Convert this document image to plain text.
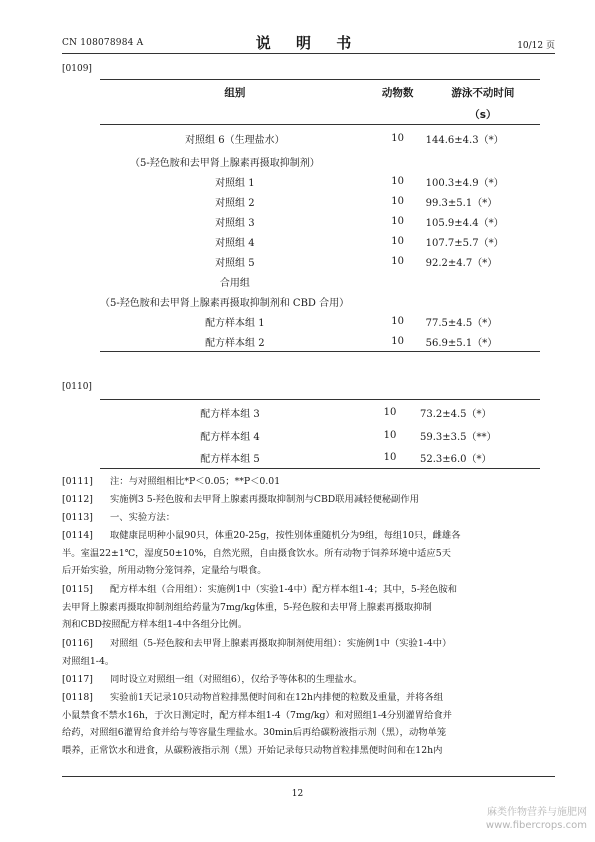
CN 108078984 A	说 明 书	10/12 页
[0109]
组别	动物数	游泳不动时间
		（s）
对照组 6（生理盐水）	10	144.6±4.3（*）
（5-羟色胺和去甲肾上腺素再摄取抑制剂）		
对照组 1	10	100.3±4.9（*）
对照组 2	10	99.3±5.1（*）
对照组 3	10	105.9±4.4（*）
对照组 4	10	107.7±5.7（*）
对照组 5	10	92.2±4.7（*）
合用组		
（5-羟色胺和去甲肾上腺素再摄取抑制剂和 CBD 合用）		
配方样本组 1	10	77.5±4.5（*）
配方样本组 2	10	56.9±5.1（*）
[0110]
配方样本组 3	10	73.2±4.5（*）
配方样本组 4	10	59.3±3.5（**）
配方样本组 5	10	52.3±6.0（*）
[0111] 注：与对照组相比*P＜0.05；**P＜0.01
[0112] 实施例3 5-羟色胺和去甲肾上腺素再摄取抑制剂与CBD联用减轻便秘副作用
[0113] 一、实验方法：
[0114] 取健康昆明种小鼠90只，体重20-25g，按性别体重随机分为9组，每组10只，雌雄各
半。室温22±1℃，湿度50±10%，自然光照，自由摄食饮水。所有动物于饲养环境中适应5天
后开始实验，所用动物分笼饲养，定量给与喂食。
[0115] 配方样本组（合用组）：实施例1中（实验1-4中）配方样本组1-4；其中，5-羟色胺和
去甲肾上腺素再摄取抑制剂组给药量为7mg/kg体重，5-羟色胺和去甲肾上腺素再摄取抑制
剂和CBD按照配方样本组1-4中各组分比例。
[0116] 对照组（5-羟色胺和去甲肾上腺素再摄取抑制剂使用组）：实施例1中（实验1-4中）
对照组1-4。
[0117] 同时设立对照组一组（对照组6），仅给予等体积的生理盐水。
[0118] 实验前1天记录10只动物首粒排黑便时间和在12h内排便的粒数及重量，并将各组
小鼠禁食不禁水16h，于次日测定时，配方样本组1-4（7mg/kg）和对照组1-4分别灌胃给食并
给药，对照组6灌胃给食并给与等容量生理盐水。30min后再给碳粉液指示剂（黑），动物单笼
喂养，正常饮水和进食，从碳粉液指示剂（黑）开始记录每只动物首粒排黑便时间和在12h内
12
麻类作物营养与施肥网
www.fibercrops.com
